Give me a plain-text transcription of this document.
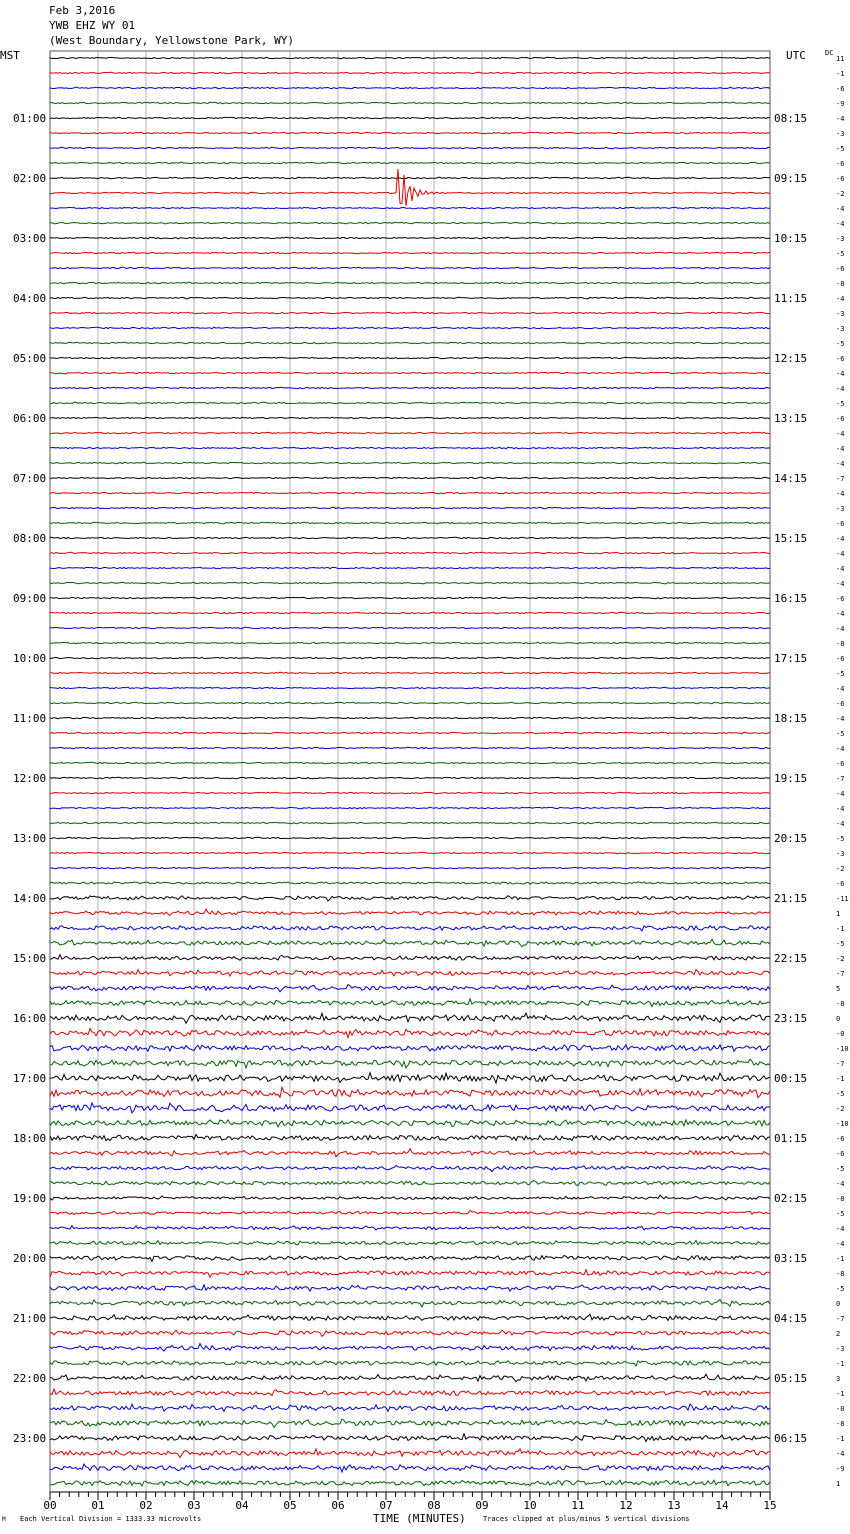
Feb 3,2016
YWB EHZ WY 01
(West Boundary, Yellowstone Park, WY)
MST	UTC	DC
11
-1
-6
-9
-4
-3
-5
-6
-6
-2
-4
-4
-3
-5
-6
-8
-4
-3
-3
-5
-6
-4
-4
-5
-6
-4
-4
-4
-7
-4
-3
-6
-4
-4
-4
-4
-6
-4
-4
-8
-6
-5
-4
-6
-4
-5
-4
-6
-7
-4
-4
-4
-5
-3
-2
-6
-11
1
-1
-5
-2
-7
5
-8
0
-0
-10
-7
-1
-5
-2
-10
-6
-6
-5
-4
-8
-5
-4
-4
-1
-8
-5
0
-7
2
-3
-1
3
-1
-0
-8
-1
-4
-9
1
01:00
02:00
03:00
04:00
05:00
06:00
07:00
08:00
09:00
10:00
11:00
12:00
13:00
14:00
15:00
16:00
17:00
18:00
19:00
20:00
21:00
22:00
23:00
08:15
09:15
10:15
11:15
12:15
13:15
14:15
15:15
16:15
17:15
18:15
19:15
20:15
21:15
22:15
23:15
00:15
01:15
02:15
03:15
04:15
05:15
06:15
00	01	02	03	04	05	06	07	08	09	10	11	12	13	14	15
M Each Vertical Division = 1333.33 microvolts	TIME (MINUTES) Traces clipped at plus/minus 5 vertical divisions
